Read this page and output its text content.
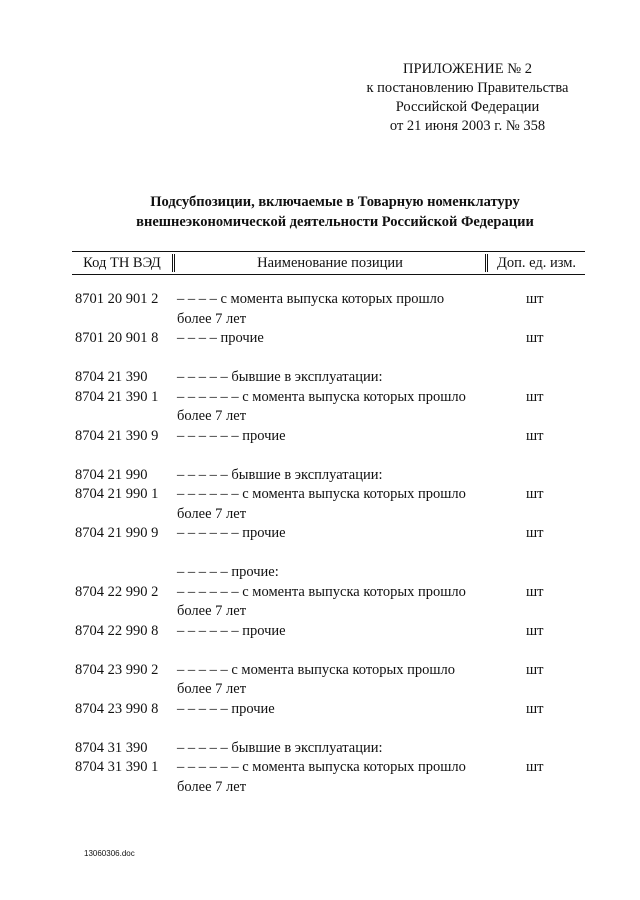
ПРИЛОЖЕНИЕ № 2
к постановлению Правительства
Российской Федерации
от 21 июня 2003 г. № 358
Подсубпозиции, включаемые в Товарную номенклатуру
внешнеэкономической деятельности Российской Федерации
Код ТН ВЭД	Наименование позиции	Доп. ед. изм.
8701 20 901 2 – – – – с момента выпуска которых прошло	шт
более 7 лет
8701 20 901 8 – – – – прочие	шт
8704 21 390 – – – – – бывшие в эксплуатации:
8704 21 390 1 – – – – – – с момента выпуска которых прошло	шт
более 7 лет
8704 21 390 9 – – – – – – прочие	шт
8704 21 990 – – – – – бывшие в эксплуатации:
8704 21 990 1 – – – – – – с момента выпуска которых прошло	шт
более 7 лет
8704 21 990 9 – – – – – – прочие	шт
– – – – – прочие:
8704 22 990 2 – – – – – – с момента выпуска которых прошло	шт
более 7 лет
8704 22 990 8 – – – – – – прочие	шт
8704 23 990 2 – – – – – с момента выпуска которых прошло	шт
более 7 лет
8704 23 990 8 – – – – – прочие	шт
8704 31 390 – – – – – бывшие в эксплуатации:
8704 31 390 1 – – – – – – с момента выпуска которых прошло	шт
более 7 лет
13060306.doc
